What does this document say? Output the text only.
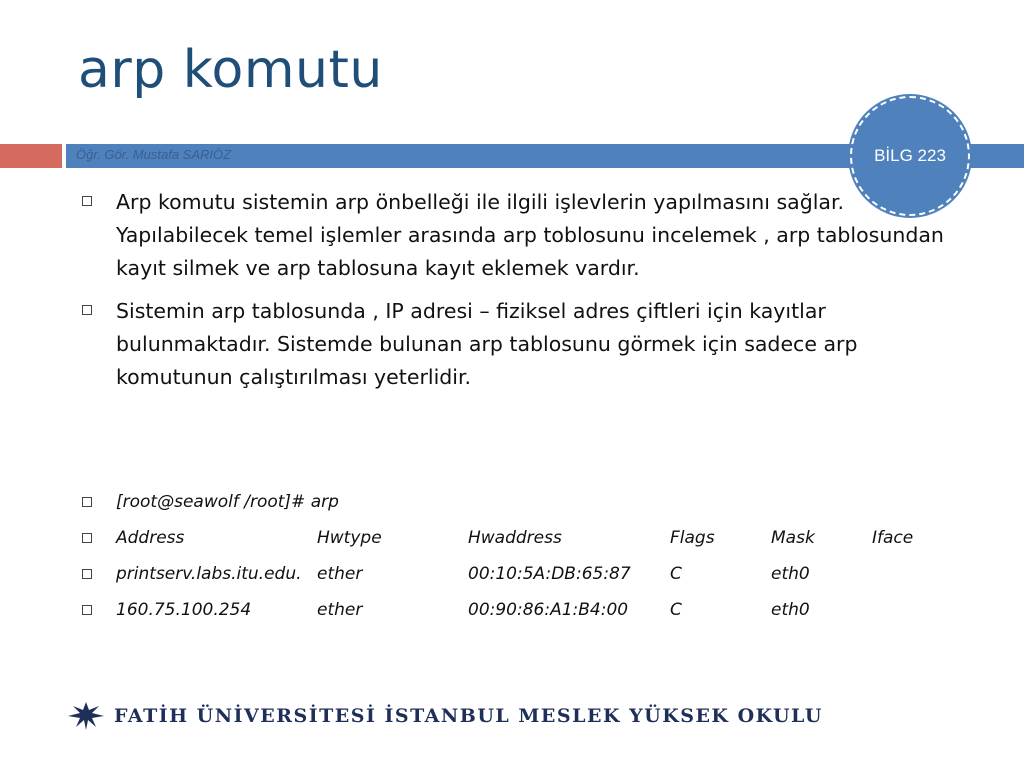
arp komutu
Öğr. Gör. Mustafa SARIÖZ	BİLG 223
Arp komutu sistemin arp önbelleği ile ilgili işlevlerin yapılmasını sağlar. Yapılabilecek temel işlemler arasında arp toblosunu incelemek , arp tablosundan kayıt silmek ve arp tablosuna kayıt eklemek vardır.
Sistemin arp tablosunda , IP adresi – fiziksel adres çiftleri için kayıtlar bulunmaktadır. Sistemde bulunan arp tablosunu görmek için sadece arp komutunun çalıştırılması yeterlidir.
[root@seawolf /root]# arp
Address	Hwtype	Hwaddress	Flags	Mask	Iface
printserv.labs.itu.edu. ether	00:10:5A:DB:65:87	C	eth0
160.75.100.254	ether	00:90:86:A1:B4:00	C	eth0
FATİH ÜNİVERSİTESİ İSTANBUL MESLEK YÜKSEK OKULU
